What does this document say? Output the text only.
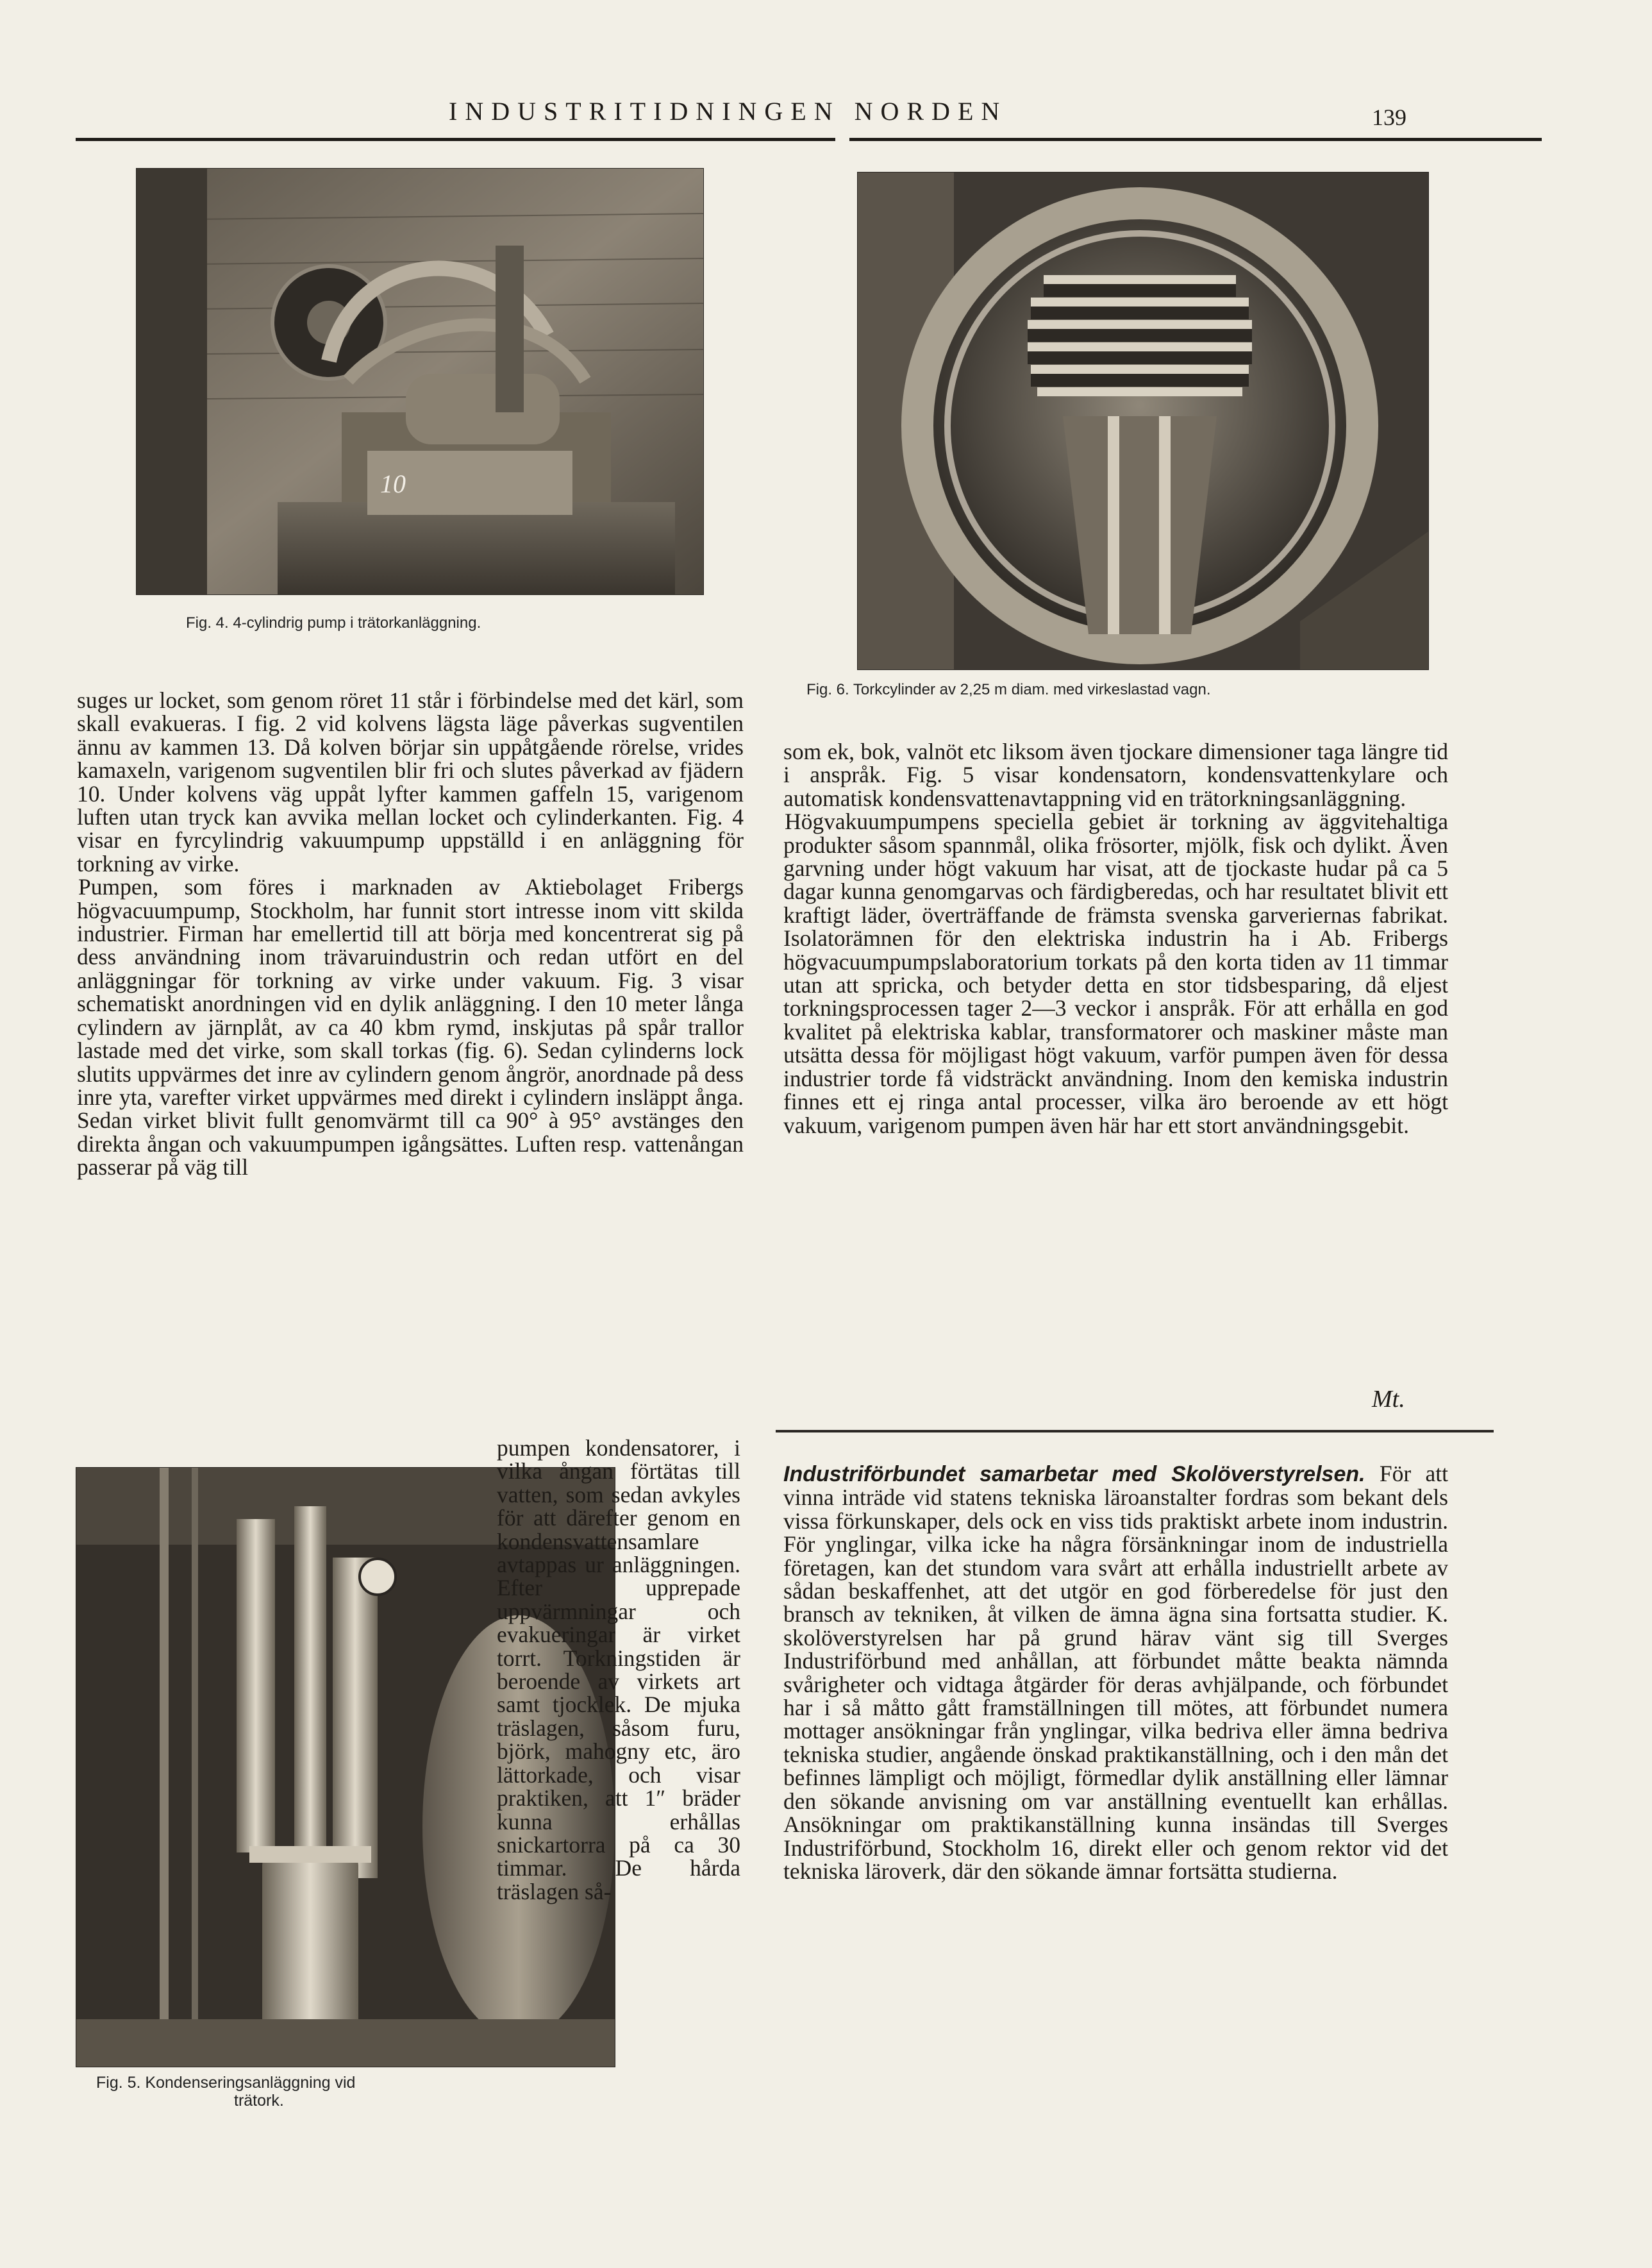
INDUSTRITIDNINGEN NORDEN	139
10
Fig. 4. 4-cylindrig pump i trätorkanläggning.
Fig. 6. Torkcylinder av 2,25 m diam. med virkeslastad vagn.

suges ur locket, som genom röret 11 står i förbindelse med det kärl, som skall evakueras. I fig. 2 vid kolvens lägsta läge påverkas sugventilen ännu av kammen 13. Då kolven börjar sin uppåtgående rörelse, vrides kamaxeln, varigenom sugventilen blir fri och slutes påverkad av fjädern 10. Under kolvens väg uppåt lyfter kammen gaffeln 15, varigenom luften utan tryck kan avvika mellan locket och cylinderkanten. Fig. 4 visar en fyrcylindrig vakuumpump uppställd i en anläggning för torkning av virke.

Pumpen, som föres i marknaden av Aktiebolaget Fribergs högvacuumpump, Stockholm, har funnit stort intresse inom vitt skilda industrier. Firman har emellertid till att börja med koncentrerat sig på dess användning inom trävaruindustrin och redan utfört en del anläggningar för torkning av virke under vakuum. Fig. 3 visar schematiskt anordningen vid en dylik anläggning. I den 10 meter långa cylindern av järnplåt, av ca 40 kbm rymd, inskjutas på spår trallor lastade med det virke, som skall torkas (fig. 6). Sedan cylinderns lock slutits uppvärmes det inre av cylindern genom ångrör, anordnade på dess inre yta, varefter virket uppvärmes med direkt i cylindern insläppt ånga. Sedan virket blivit fullt genomvärmt till ca 90° à 95° avstänges den direkta ångan och vakuumpumpen igångsättes. Luften resp. vattenångan passerar på väg till

Fig. 5. Kondenseringsanläggning vid
trätork.

pumpen kondensatorer, i vilka ångan förtätas till vatten, som sedan avkyles för att därefter genom en kondensvattensamlare avtappas ur anläggningen. Efter upprepade uppvärmningar och evakueringar är virket torrt. Torkningstiden är beroende av virkets art samt tjocklek. De mjuka träslagen, såsom furu, björk, mahogny etc, äro lättorkade, och visar praktiken, att 1″ bräder kunna erhållas snickartorra på ca 30 timmar. De hårda träslagen så-

som ek, bok, valnöt etc liksom även tjockare dimensioner taga längre tid i anspråk. Fig. 5 visar kondensatorn, kondensvattenkylare och automatisk kondensvattenavtappning vid en trätorkningsanläggning.

Högvakuumpumpens speciella gebiet är torkning av äggvitehaltiga produkter såsom spannmål, olika frösorter, mjölk, fisk och dylikt. Även garvning under högt vakuum har visat, att de tjockaste hudar på ca 5 dagar kunna genomgarvas och färdigberedas, och har resultatet blivit ett kraftigt läder, överträffande de främsta svenska garveriernas fabrikat. Isolatorämnen för den elektriska industrin ha i Ab. Fribergs högvacuumpumpslaboratorium torkats på den korta tiden av 11 timmar utan att spricka, och betyder detta en stor tidsbesparing, då eljest torkningsprocessen tager 2—3 veckor i anspråk. För att erhålla en god kvalitet på elektriska kablar, transformatorer och maskiner måste man utsätta dessa för möjligast högt vakuum, varför pumpen även för dessa industrier torde få vidsträckt användning. Inom den kemiska industrin finnes ett ej ringa antal processer, vilka äro beroende av ett högt vakuum, varigenom pumpen även här har ett stort användningsgebit.

Mt.

Industriförbundet samarbetar med Skolöverstyrelsen. För att vinna inträde vid statens tekniska läroanstalter fordras som bekant dels vissa förkunskaper, dels ock en viss tids praktiskt arbete inom industrin. För ynglingar, vilka icke ha några försänkningar inom de industriella företagen, kan det stundom vara svårt att erhålla industriellt arbete av sådan beskaffenhet, att det utgör en god förberedelse för just den bransch av tekniken, åt vilken de ämna ägna sina fortsatta studier. K. skolöverstyrelsen har på grund härav vänt sig till Sverges Industriförbund med anhållan, att förbundet måtte beakta nämnda svårigheter och vidtaga åtgärder för deras avhjälpande, och förbundet har i så måtto gått framställningen till mötes, att förbundet numera mottager ansökningar från ynglingar, vilka bedriva eller ämna bedriva tekniska studier, angående önskad praktikanställning, och i den mån det befinnes lämpligt och möjligt, förmedlar dylik anställning eller lämnar den sökande anvisning om var anställning eventuellt kan erhållas. Ansökningar om praktikanställning kunna insändas till Sverges Industriförbund, Stockholm 16, direkt eller och genom rektor vid det tekniska läroverk, där den sökande ämnar fortsätta studierna.
